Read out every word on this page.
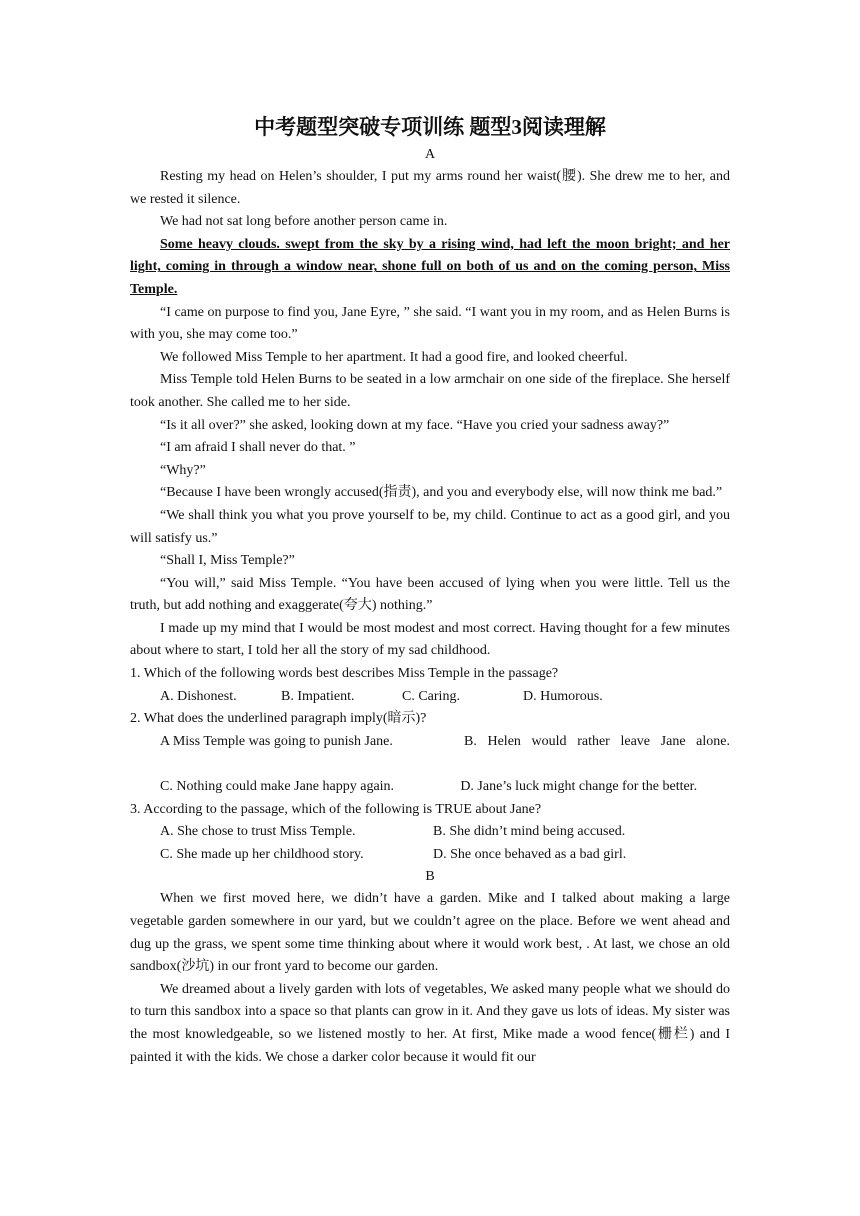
中考题型突破专项训练 题型3阅读理解
A

Resting my head on Helen’s shoulder, I put my arms round her waist(腰). She drew me to her, and we rested it silence.

We had not sat long before another person came in.

Some heavy clouds. swept from the sky by a rising wind, had left the moon bright; and her light, coming in through a window near, shone full on both of us and on the coming person, Miss Temple.

“I came on purpose to find you, Jane Eyre, ” she said. “I want you in my room, and as Helen Burns is with you, she may come too.”

We followed Miss Temple to her apartment. It had a good fire, and looked cheerful.

Miss Temple told Helen Burns to be seated in a low armchair on one side of the fireplace. She herself took another. She called me to her side.

“Is it all over?” she asked, looking down at my face. “Have you cried your sadness away?”

“I am afraid I shall never do that. ”

“Why?”

“Because I have been wrongly accused(指责), and you and everybody else, will now think me bad.”

“We shall think you what you prove yourself to be, my child. Continue to act as a good girl, and you will satisfy us.”

“Shall I, Miss Temple?”

“You will,” said Miss Temple. “You have been accused of lying when you were little. Tell us the truth, but add nothing and exaggerate(夸大) nothing.”

I made up my mind that I would be most modest and most correct. Having thought for a few minutes about where to start, I told her all the story of my sad childhood.

1. Which of the following words best describes Miss Temple in the passage?
A. Dishonest.	B. Impatient.	C. Caring.	D. Humorous.
2. What does the underlined paragraph imply(暗示)?
A Miss Temple was going to punish Jane.	B. Helen would rather leave Jane alone.
C. Nothing could make Jane happy again.	D. Jane’s luck might change for the better.
3. According to the passage, which of the following is TRUE about Jane?
A. She chose to trust Miss Temple.	B. She didn’t mind being accused.
C. She made up her childhood story.	D. She once behaved as a bad girl.
B

When we first moved here, we didn’t have a garden. Mike and I talked about making a large vegetable garden somewhere in our yard, but we couldn’t agree on the place. Before we went ahead and dug up the grass, we spent some time thinking about where it would work best, . At last, we chose an old sandbox(沙坑) in our front yard to become our garden.

We dreamed about a lively garden with lots of vegetables, We asked many people what we should do to turn this sandbox into a space so that plants can grow in it. And they gave us lots of ideas. My sister was the most knowledgeable, so we listened mostly to her. At first, Mike made a wood fence(栅栏) and I painted it with the kids. We chose a darker color because it would fit our
